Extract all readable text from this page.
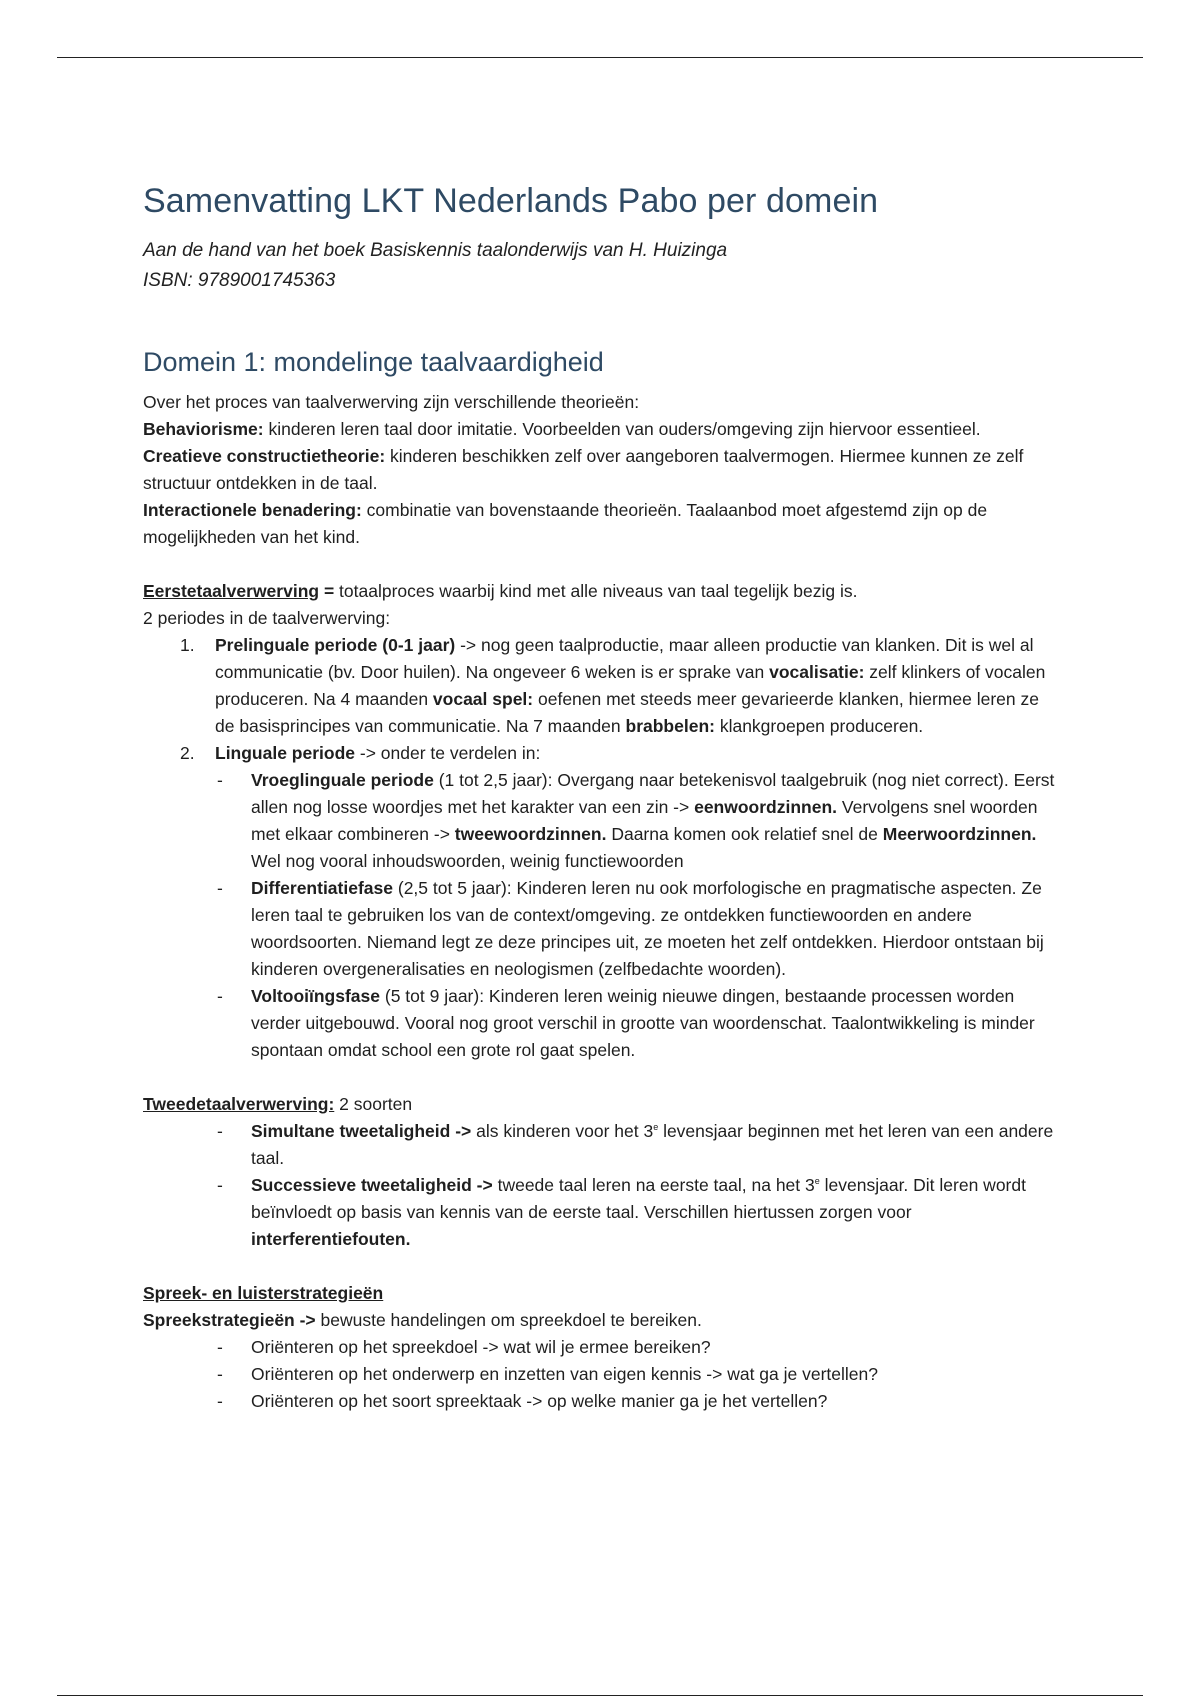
Samenvatting LKT Nederlands Pabo per domein
Aan de hand van het boek Basiskennis taalonderwijs van H. Huizinga
ISBN: 9789001745363
Domein 1: mondelinge taalvaardigheid

Over het proces van taalverwerving zijn verschillende theorieën:

Behaviorisme: kinderen leren taal door imitatie. Voorbeelden van ouders/omgeving zijn hiervoor essentieel.

Creatieve constructietheorie: kinderen beschikken zelf over aangeboren taalvermogen. Hiermee kunnen ze zelf structuur ontdekken in de taal.

Interactionele benadering: combinatie van bovenstaande theorieën. Taalaanbod moet afgestemd zijn op de mogelijkheden van het kind.

Eerstetaalverwerving = totaalproces waarbij kind met alle niveaus van taal tegelijk bezig is.

2 periodes in de taalverwerving:

1. Prelinguale periode (0-1 jaar) -> nog geen taalproductie, maar alleen productie van klanken. Dit is wel al communicatie (bv. Door huilen). Na ongeveer 6 weken is er sprake van vocalisatie: zelf klinkers of vocalen produceren. Na 4 maanden vocaal spel: oefenen met steeds meer gevarieerde klanken, hiermee leren ze de basisprincipes van communicatie. Na 7 maanden brabbelen: klankgroepen produceren.
2. Linguale periode -> onder te verdelen in:
- Vroeglinguale periode (1 tot 2,5 jaar): Overgang naar betekenisvol taalgebruik (nog niet correct). Eerst allen nog losse woordjes met het karakter van een zin -> eenwoordzinnen. Vervolgens snel woorden met elkaar combineren -> tweewoordzinnen. Daarna komen ook relatief snel de Meerwoordzinnen. Wel nog vooral inhoudswoorden, weinig functiewoorden
- Differentiatiefase (2,5 tot 5 jaar): Kinderen leren nu ook morfologische en pragmatische aspecten. Ze leren taal te gebruiken los van de context/omgeving. ze ontdekken functiewoorden en andere woordsoorten. Niemand legt ze deze principes uit, ze moeten het zelf ontdekken. Hierdoor ontstaan bij kinderen overgeneralisaties en neologismen (zelfbedachte woorden).
- Voltooiïngsfase (5 tot 9 jaar): Kinderen leren weinig nieuwe dingen, bestaande processen worden verder uitgebouwd. Vooral nog groot verschil in grootte van woordenschat. Taalontwikkeling is minder spontaan omdat school een grote rol gaat spelen.

Tweedetaalverwerving: 2 soorten

- Simultane tweetaligheid -> als kinderen voor het 3e levensjaar beginnen met het leren van een andere taal.
- Successieve tweetaligheid -> tweede taal leren na eerste taal, na het 3e levensjaar. Dit leren wordt beïnvloedt op basis van kennis van de eerste taal. Verschillen hiertussen zorgen voor interferentiefouten.

Spreek- en luisterstrategieën

Spreekstrategieën -> bewuste handelingen om spreekdoel te bereiken.

- Oriënteren op het spreekdoel -> wat wil je ermee bereiken?
- Oriënteren op het onderwerp en inzetten van eigen kennis -> wat ga je vertellen?
- Oriënteren op het soort spreektaak -> op welke manier ga je het vertellen?
